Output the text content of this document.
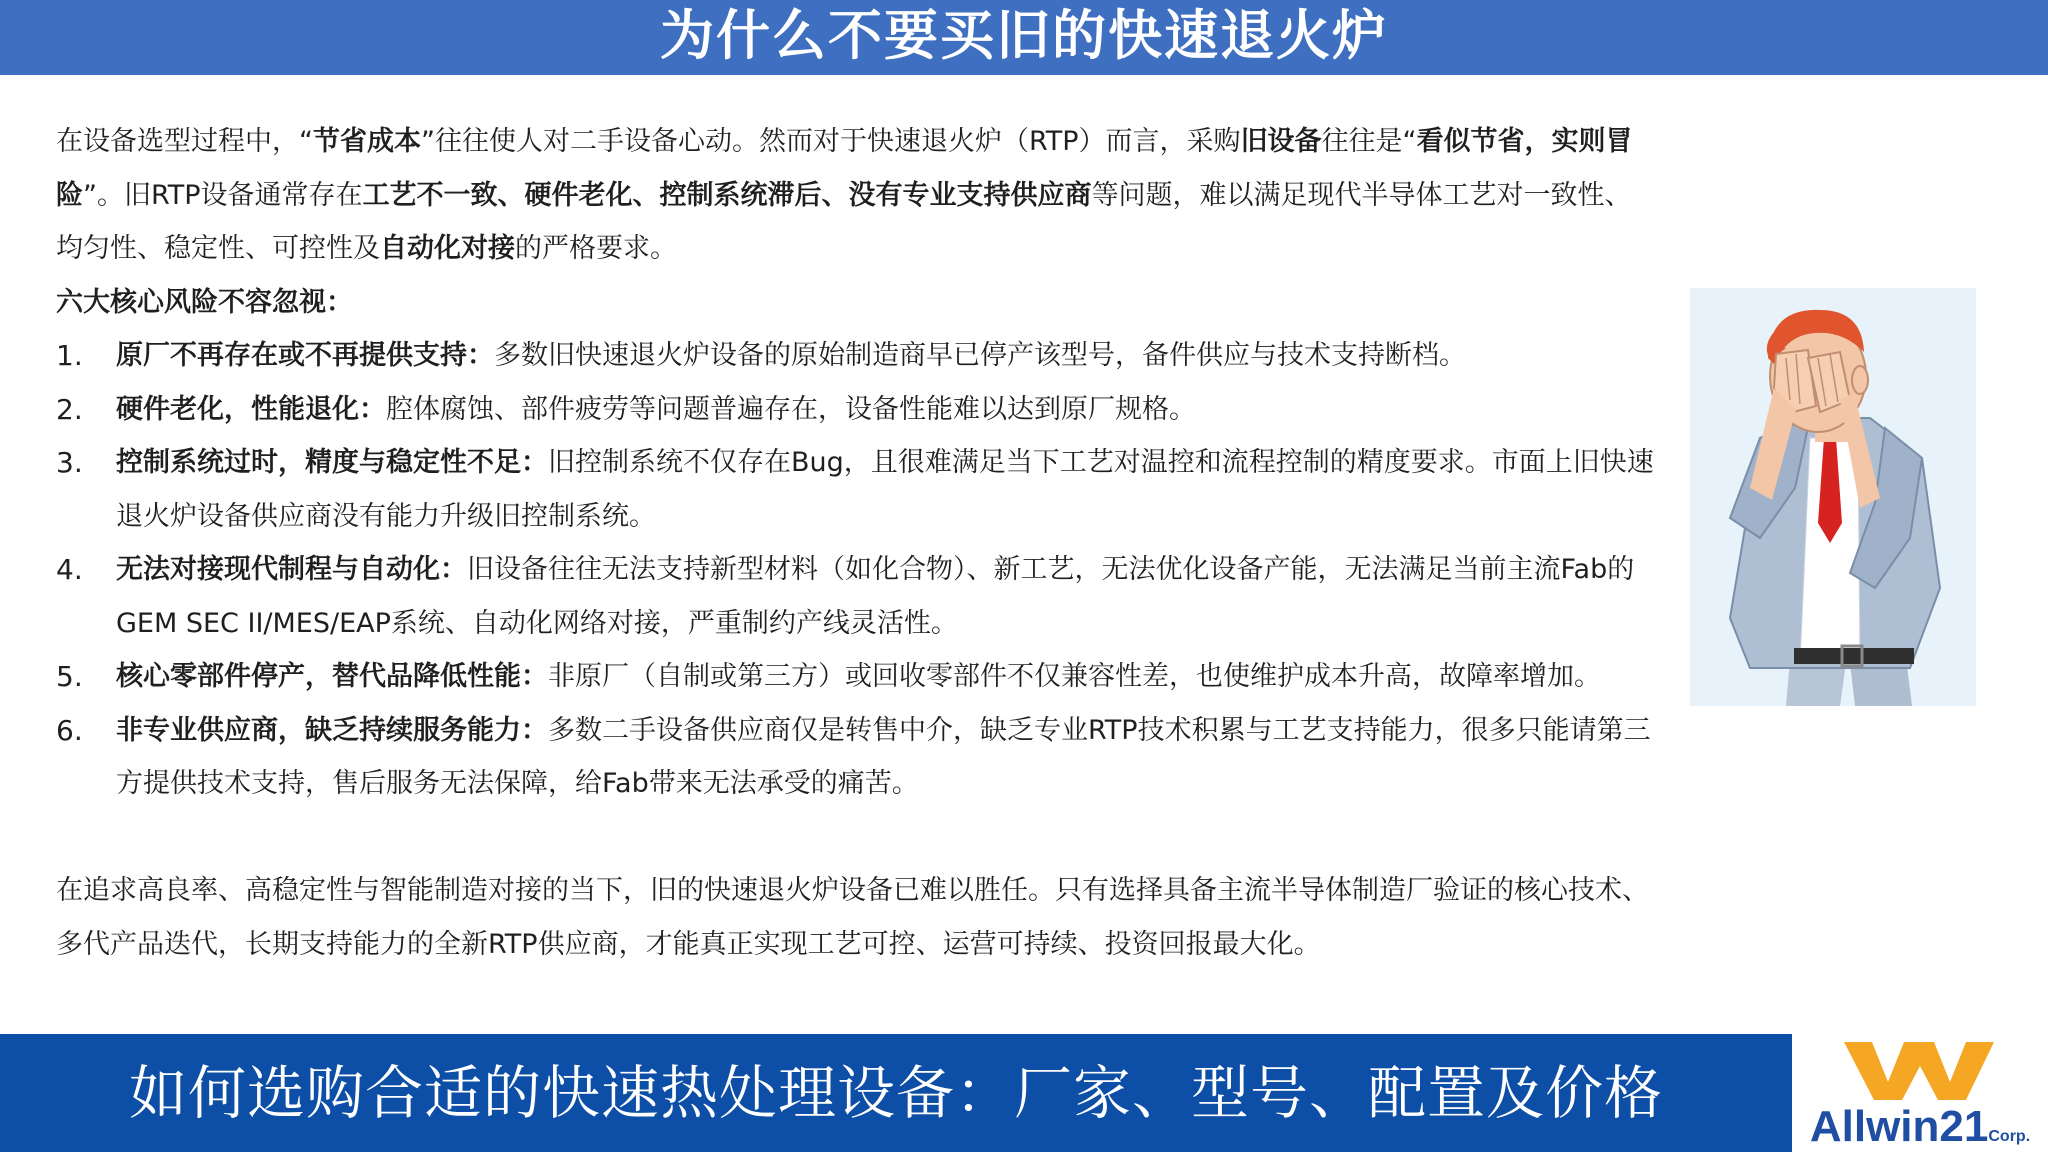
为什么不要买旧的快速退火炉

在设备选型过程中，“节省成本”往往使人对二手设备心动。然而对于快速退火炉（RTP）而言，采购旧设备往往是“看似节省，实则冒险”。旧RTP设备通常存在工艺不一致、硬件老化、控制系统滞后、没有专业支持供应商等问题，难以满足现代半导体工艺对一致性、均匀性、稳定性、可控性及自动化对接的严格要求。

六大核心风险不容忽视：
1.	原厂不再存在或不再提供支持：多数旧快速退火炉设备的原始制造商早已停产该型号，备件供应与技术支持断档。
2.	硬件老化，性能退化：腔体腐蚀、部件疲劳等问题普遍存在，设备性能难以达到原厂规格。
3.	控制系统过时，精度与稳定性不足：旧控制系统不仅存在Bug，且很难满足当下工艺对温控和流程控制的精度要求。市面上旧快速退火炉设备供应商没有能力升级旧控制系统。
4.	无法对接现代制程与自动化：旧设备往往无法支持新型材料（如化合物）、新工艺，无法优化设备产能，无法满足当前主流Fab的GEM SEC II/MES/EAP系统、自动化网络对接，严重制约产线灵活性。
5.	核心零部件停产，替代品降低性能：非原厂（自制或第三方）或回收零部件不仅兼容性差，也使维护成本升高，故障率增加。
6.	非专业供应商，缺乏持续服务能力：多数二手设备供应商仅是转售中介，缺乏专业RTP技术积累与工艺支持能力，很多只能请第三方提供技术支持，售后服务无法保障，给Fab带来无法承受的痛苦。

在追求高良率、高稳定性与智能制造对接的当下，旧的快速退火炉设备已难以胜任。只有选择具备主流半导体制造厂验证的核心技术、多代产品迭代，长期支持能力的全新RTP供应商，才能真正实现工艺可控、运营可持续、投资回报最大化。

如何选购合适的快速热处理设备：厂家、型号、配置及价格	Allwin21Corp.
